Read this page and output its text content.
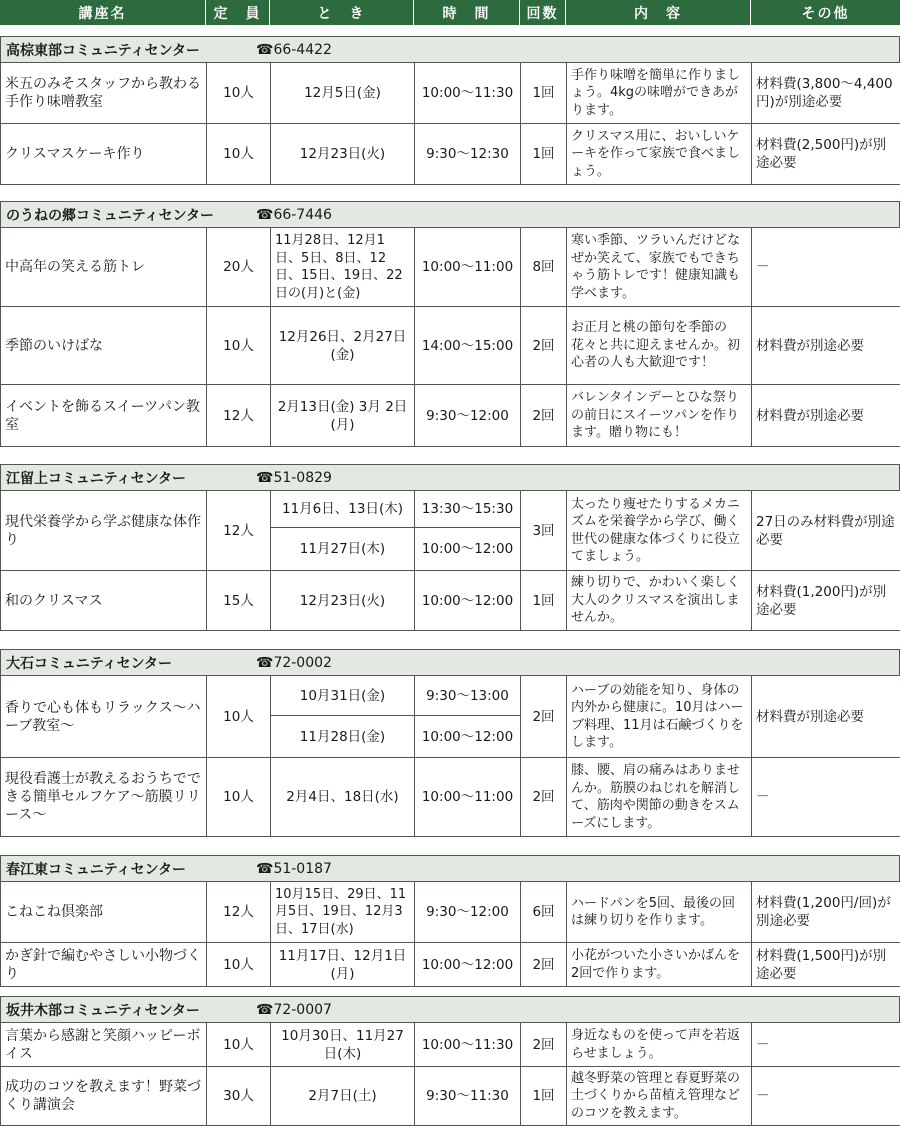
講座名	定　員	と　き	時　間	回数	内　容	その他
高棕東部コミュニティセンター	☎66-4422
米五のみそスタッフから教わる手作り味噌教室	10人	12月5日(金)	10:00～11:30	1回	手作り味噌を簡単に作りましょう。4kgの味噌ができあがります。	材料費(3,800～4,400円)が別途必要
クリスマスケーキ作り	10人	12月23日(火)	9:30～12:30	1回	クリスマス用に、おいしいケーキを作って家族で食べましょう。	材料費(2,500円)が別途必要
のうねの郷コミュニティセンター	☎66-7446
中高年の笑える筋トレ	20人	11月28日、12月1日、5日、8日、12日、15日、19日、22日の(月)と(金)	10:00～11:00	8回	寒い季節、ツラいんだけどなぜか笑えて、家族でもできちゃう筋トレです！健康知識も学べます。	－
季節のいけばな	10人	12月26日、2月27日(金)	14:00～15:00	2回	お正月と桃の節句を季節の花々と共に迎えませんか。初心者の人も大歓迎です！	材料費が別途必要
イベントを飾るスイーツパン教室	12人	2月13日(金) 3月 2日(月)	9:30～12:00	2回	バレンタインデーとひな祭りの前日にスイーツパンを作ります。贈り物にも！	材料費が別途必要
江留上コミュニティセンター	☎51-0829
現代栄養学から学ぶ健康な体作り	12人	11月6日、13日(木)	13:30～15:30	3回	太ったり痩せたりするメカニズムを栄養学から学び、働く世代の健康な体づくりに役立てましょう。	27日のみ材料費が別途必要
		11月27日(木)	10:00～12:00			
和のクリスマス	15人	12月23日(火)	10:00～12:00	1回	練り切りで、かわいく楽しく大人のクリスマスを演出しませんか。	材料費(1,200円)が別途必要
大石コミュニティセンター	☎72-0002
香りで心も体もリラックス～ハーブ教室～	10人	10月31日(金)	9:30～13:00	2回	ハーブの効能を知り、身体の内外から健康に。10月はハーブ料理、11月は石鹸づくりをします。	材料費が別途必要
		11月28日(金)	10:00～12:00			
現役看護士が教えるおうちでできる簡単セルフケア～筋膜リリース～	10人	2月4日、18日(水)	10:00～11:00	2回	膝、腰、肩の痛みはありませんか。筋膜のねじれを解消して、筋肉や関節の動きをスムーズにします。	－
春江東コミュニティセンター	☎51-0187
こねこね倶楽部	12人	10月15日、29日、11月5日、19日、12月3日、17日(水)	9:30～12:00	6回	ハードパンを5回、最後の回は練り切りを作ります。	材料費(1,200円/回)が別途必要
かぎ針で編むやさしい小物づくり	10人	11月17日、12月1日(月)	10:00～12:00	2回	小花がついた小さいかばんを2回で作ります。	材料費(1,500円)が別途必要
坂井木部コミュニティセンター	☎72-0007
言葉から感謝と笑顔ハッピーボイス	10人	10月30日、11月27日(木)	10:00～11:30	2回	身近なものを使って声を若返らせましょう。	－
成功のコツを教えます！野菜づくり講演会	30人	2月7日(土)	9:30～11:30	1回	越冬野菜の管理と春夏野菜の土づくりから苗植え管理などのコツを教えます。	－
